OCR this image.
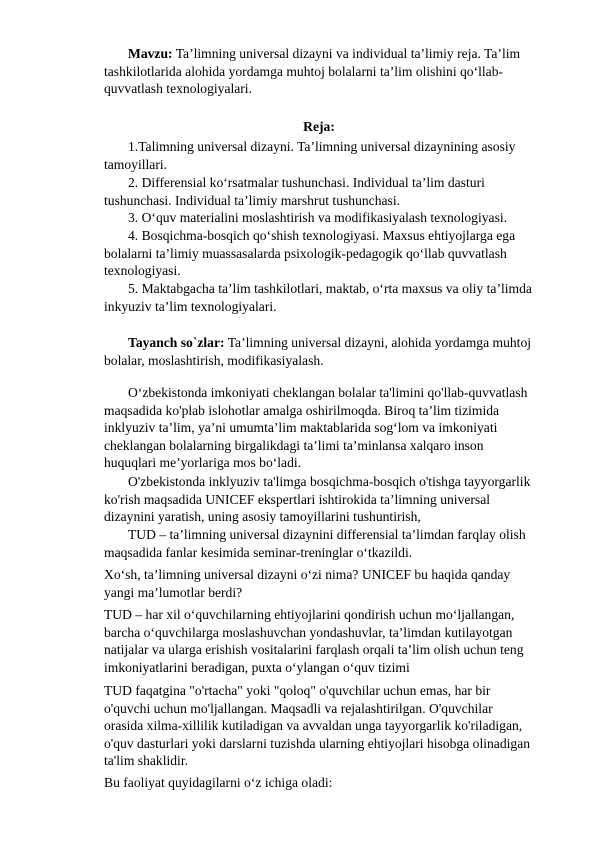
Mavzu: Ta’limning universal dizayni va individual ta’limiy reja. Ta’lim tashkilotlarida alohida yordamga muhtoj bolalarni ta’lim olishini qo‘llab-quvvatlash texnologiyalari.

Reja:

1.Talimning universal dizayni. Ta’limning universal dizaynining asosiy tamoyillari.

2. Differensial ko‘rsatmalar tushunchasi. Individual ta’lim dasturi tushunchasi. Individual ta’limiy marshrut tushunchasi.

3. O‘quv materialini moslashtirish va modifikasiyalash texnologiyasi.

4. Bosqichma-bosqich qo‘shish texnologiyasi. Maxsus ehtiyojlarga ega bolalarni ta’limiy muassasalarda psixologik-pedagogik qo‘llab quvvatlash texnologiyasi.

5. Maktabgacha ta’lim tashkilotlari, maktab, o‘rta maxsus va oliy ta’limda inkyuziv ta’lim texnologiyalari.

Tayanch so`zlar: Ta’limning universal dizayni, alohida yordamga muhtoj bolalar, moslashtirish, modifikasiyalash.

O‘zbekistonda imkoniyati cheklangan bolalar ta'limini qo'llab-quvvatlash maqsadida ko'plab islohotlar amalga oshirilmoqda. Biroq ta’lim tizimida inklyuziv ta’lim, ya’ni umumta’lim maktablarida sog‘lom va imkoniyati cheklangan bolalarning birgalikdagi ta’limi ta’minlansa xalqaro inson huquqlari me’yorlariga mos bo‘ladi.

O'zbekistonda inklyuziv ta'limga bosqichma-bosqich o'tishga tayyorgarlik ko'rish maqsadida UNICEF ekspertlari ishtirokida ta’limning universal dizaynini yaratish, uning asosiy tamoyillarini tushuntirish,

TUD – ta’limning universal dizaynini differensial ta’limdan farqlay olish maqsadida fanlar kesimida seminar-treninglar o‘tkazildi.

Xo‘sh, ta’limning universal dizayni o‘zi nima? UNICEF bu haqida qanday yangi ma’lumotlar berdi?

TUD – har xil o‘quvchilarning ehtiyojlarini qondirish uchun mo‘ljallangan, barcha o‘quvchilarga moslashuvchan yondashuvlar, ta’limdan kutilayotgan natijalar va ularga erishish vositalarini farqlash orqali ta’lim olish uchun teng imkoniyatlarini beradigan, puxta o‘ylangan o‘quv tizimi

TUD faqatgina "o'rtacha" yoki "qoloq" o'quvchilar uchun emas, har bir o'quvchi uchun mo'ljallangan. Maqsadli va rejalashtirilgan. O'quvchilar orasida xilma-xillilik kutiladigan va avvaldan unga tayyorgarlik ko'riladigan, o'quv dasturlari yoki darslarni tuzishda ularning ehtiyojlari hisobga olinadigan ta'lim shaklidir.

Bu faoliyat quyidagilarni o‘z ichiga oladi:
